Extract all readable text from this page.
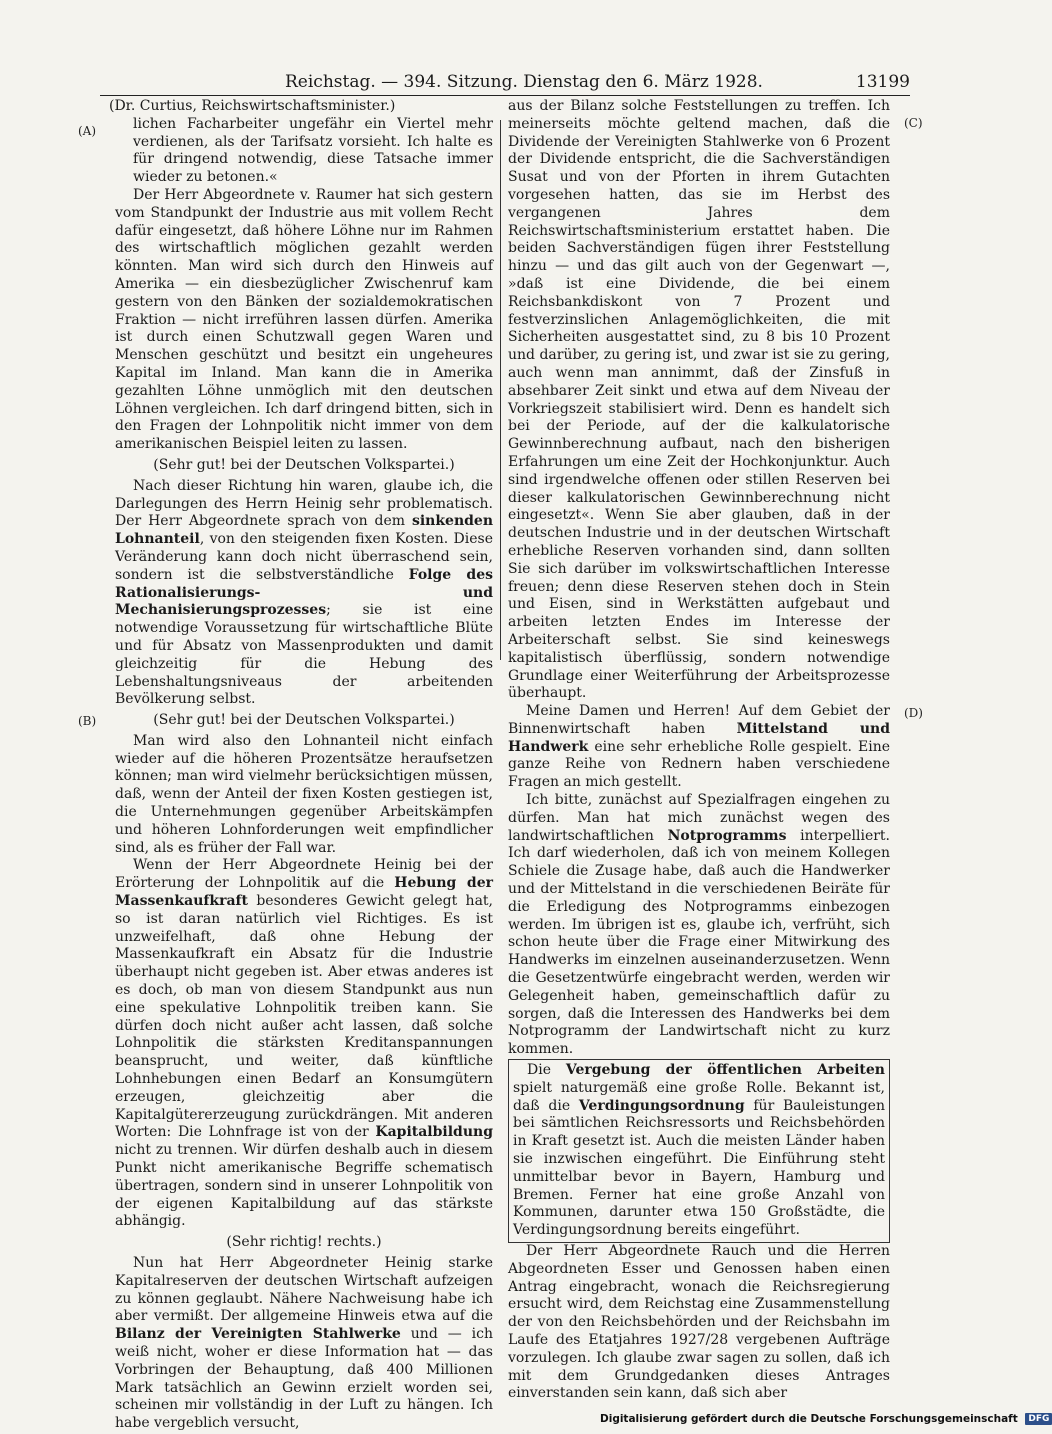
Reichstag. — 394. Sitzung. Dienstag den 6. März 1928.	13199
(A)
(B)
(C)
(D)

(Dr. Curtius, Reichswirtschaftsminister.)

lichen Facharbeiter ungefähr ein Viertel mehr verdienen, als der Tarifsatz vorsieht. Ich halte es für dringend notwendig, diese Tatsache immer wieder zu betonen.«

Der Herr Abgeordnete v. Raumer hat sich gestern vom Standpunkt der Industrie aus mit vollem Recht dafür eingesetzt, daß höhere Löhne nur im Rahmen des wirtschaftlich möglichen gezahlt werden könnten. Man wird sich durch den Hinweis auf Amerika — ein diesbezüglicher Zwischenruf kam gestern von den Bänken der sozialdemokratischen Fraktion — nicht irreführen lassen dürfen. Amerika ist durch einen Schutzwall gegen Waren und Menschen geschützt und besitzt ein ungeheures Kapital im Inland. Man kann die in Amerika gezahlten Löhne unmöglich mit den deutschen Löhnen vergleichen. Ich darf dringend bitten, sich in den Fragen der Lohnpolitik nicht immer von dem amerikanischen Beispiel leiten zu lassen.

(Sehr gut! bei der Deutschen Volkspartei.)

Nach dieser Richtung hin waren, glaube ich, die Darlegungen des Herrn Heinig sehr problematisch. Der Herr Abgeordnete sprach von dem sinkenden Lohnanteil, von den steigenden fixen Kosten. Diese Veränderung kann doch nicht überraschend sein, sondern ist die selbstverständliche Folge des Rationalisierungs- und Mechanisierungsprozesses; sie ist eine notwendige Voraussetzung für wirtschaftliche Blüte und für Absatz von Massenprodukten und damit gleichzeitig für die Hebung des Lebenshaltungsniveaus der arbeitenden Bevölkerung selbst.

(Sehr gut! bei der Deutschen Volkspartei.)

Man wird also den Lohnanteil nicht einfach wieder auf die höheren Prozentsätze heraufsetzen können; man wird vielmehr berücksichtigen müssen, daß, wenn der Anteil der fixen Kosten gestiegen ist, die Unternehmungen gegenüber Arbeitskämpfen und höheren Lohnforderungen weit empfindlicher sind, als es früher der Fall war.

Wenn der Herr Abgeordnete Heinig bei der Erörterung der Lohnpolitik auf die Hebung der Massenkaufkraft besonderes Gewicht gelegt hat, so ist daran natürlich viel Richtiges. Es ist unzweifelhaft, daß ohne Hebung der Massenkaufkraft ein Absatz für die Industrie überhaupt nicht gegeben ist. Aber etwas anderes ist es doch, ob man von diesem Standpunkt aus nun eine spekulative Lohnpolitik treiben kann. Sie dürfen doch nicht außer acht lassen, daß solche Lohnpolitik die stärksten Kreditanspannungen beansprucht, und weiter, daß künftliche Lohnhebungen einen Bedarf an Konsumgütern erzeugen, gleichzeitig aber die Kapitalgütererzeugung zurückdrängen. Mit anderen Worten: Die Lohnfrage ist von der Kapitalbildung nicht zu trennen. Wir dürfen deshalb auch in diesem Punkt nicht amerikanische Begriffe schematisch übertragen, sondern sind in unserer Lohnpolitik von der eigenen Kapitalbildung auf das stärkste abhängig.

(Sehr richtig! rechts.)

Nun hat Herr Abgeordneter Heinig starke Kapitalreserven der deutschen Wirtschaft aufzeigen zu können geglaubt. Nähere Nachweisung habe ich aber vermißt. Der allgemeine Hinweis etwa auf die Bilanz der Vereinigten Stahlwerke und — ich weiß nicht, woher er diese Information hat — das Vorbringen der Behauptung, daß 400 Millionen Mark tatsächlich an Gewinn erzielt worden sei, scheinen mir vollständig in der Luft zu hängen. Ich habe vergeblich versucht,

aus der Bilanz solche Feststellungen zu treffen. Ich meinerseits möchte geltend machen, daß die Dividende der Vereinigten Stahlwerke von 6 Prozent der Dividende entspricht, die die Sachverständigen Susat und von der Pforten in ihrem Gutachten vorgesehen hatten, das sie im Herbst des vergangenen Jahres dem Reichswirtschaftsministerium erstattet haben. Die beiden Sachverständigen fügen ihrer Feststellung hinzu — und das gilt auch von der Gegenwart —, »daß ist eine Dividende, die bei einem Reichsbankdiskont von 7 Prozent und festverzinslichen Anlagemöglichkeiten, die mit Sicherheiten ausgestattet sind, zu 8 bis 10 Prozent und darüber, zu gering ist, und zwar ist sie zu gering, auch wenn man annimmt, daß der Zinsfuß in absehbarer Zeit sinkt und etwa auf dem Niveau der Vorkriegszeit stabilisiert wird. Denn es handelt sich bei der Periode, auf der die kalkulatorische Gewinnberechnung aufbaut, nach den bisherigen Erfahrungen um eine Zeit der Hochkonjunktur. Auch sind irgendwelche offenen oder stillen Reserven bei dieser kalkulatorischen Gewinnberechnung nicht eingesetzt«. Wenn Sie aber glauben, daß in der deutschen Industrie und in der deutschen Wirtschaft erhebliche Reserven vorhanden sind, dann sollten Sie sich darüber im volkswirtschaftlichen Interesse freuen; denn diese Reserven stehen doch in Stein und Eisen, sind in Werkstätten aufgebaut und arbeiten letzten Endes im Interesse der Arbeiterschaft selbst. Sie sind keineswegs kapitalistisch überflüssig, sondern notwendige Grundlage einer Weiterführung der Arbeitsprozesse überhaupt.

Meine Damen und Herren! Auf dem Gebiet der Binnenwirtschaft haben Mittelstand und Handwerk eine sehr erhebliche Rolle gespielt. Eine ganze Reihe von Rednern haben verschiedene Fragen an mich gestellt.

Ich bitte, zunächst auf Spezialfragen eingehen zu dürfen. Man hat mich zunächst wegen des landwirtschaftlichen Notprogramms interpelliert. Ich darf wiederholen, daß ich von meinem Kollegen Schiele die Zusage habe, daß auch die Handwerker und der Mittelstand in die verschiedenen Beiräte für die Erledigung des Notprogramms einbezogen werden. Im übrigen ist es, glaube ich, verfrüht, sich schon heute über die Frage einer Mitwirkung des Handwerks im einzelnen auseinanderzusetzen. Wenn die Gesetzentwürfe eingebracht werden, werden wir Gelegenheit haben, gemeinschaftlich dafür zu sorgen, daß die Interessen des Handwerks bei dem Notprogramm der Landwirtschaft nicht zu kurz kommen.

Die Vergebung der öffentlichen Arbeiten spielt naturgemäß eine große Rolle. Bekannt ist, daß die Verdingungsordnung für Bauleistungen bei sämtlichen Reichsressorts und Reichsbehörden in Kraft gesetzt ist. Auch die meisten Länder haben sie inzwischen eingeführt. Die Einführung steht unmittelbar bevor in Bayern, Hamburg und Bremen. Ferner hat eine große Anzahl von Kommunen, darunter etwa 150 Großstädte, die Verdingungsordnung bereits eingeführt.

Der Herr Abgeordnete Rauch und die Herren Abgeordneten Esser und Genossen haben einen Antrag eingebracht, wonach die Reichsregierung ersucht wird, dem Reichstag eine Zusammenstellung der von den Reichsbehörden und der Reichsbahn im Laufe des Etatjahres 1927/28 vergebenen Aufträge vorzulegen. Ich glaube zwar sagen zu sollen, daß ich mit dem Grundgedanken dieses Antrages einverstanden sein kann, daß sich aber

Digitalisierung gefördert durch die Deutsche Forschungsgemeinschaft DFG
